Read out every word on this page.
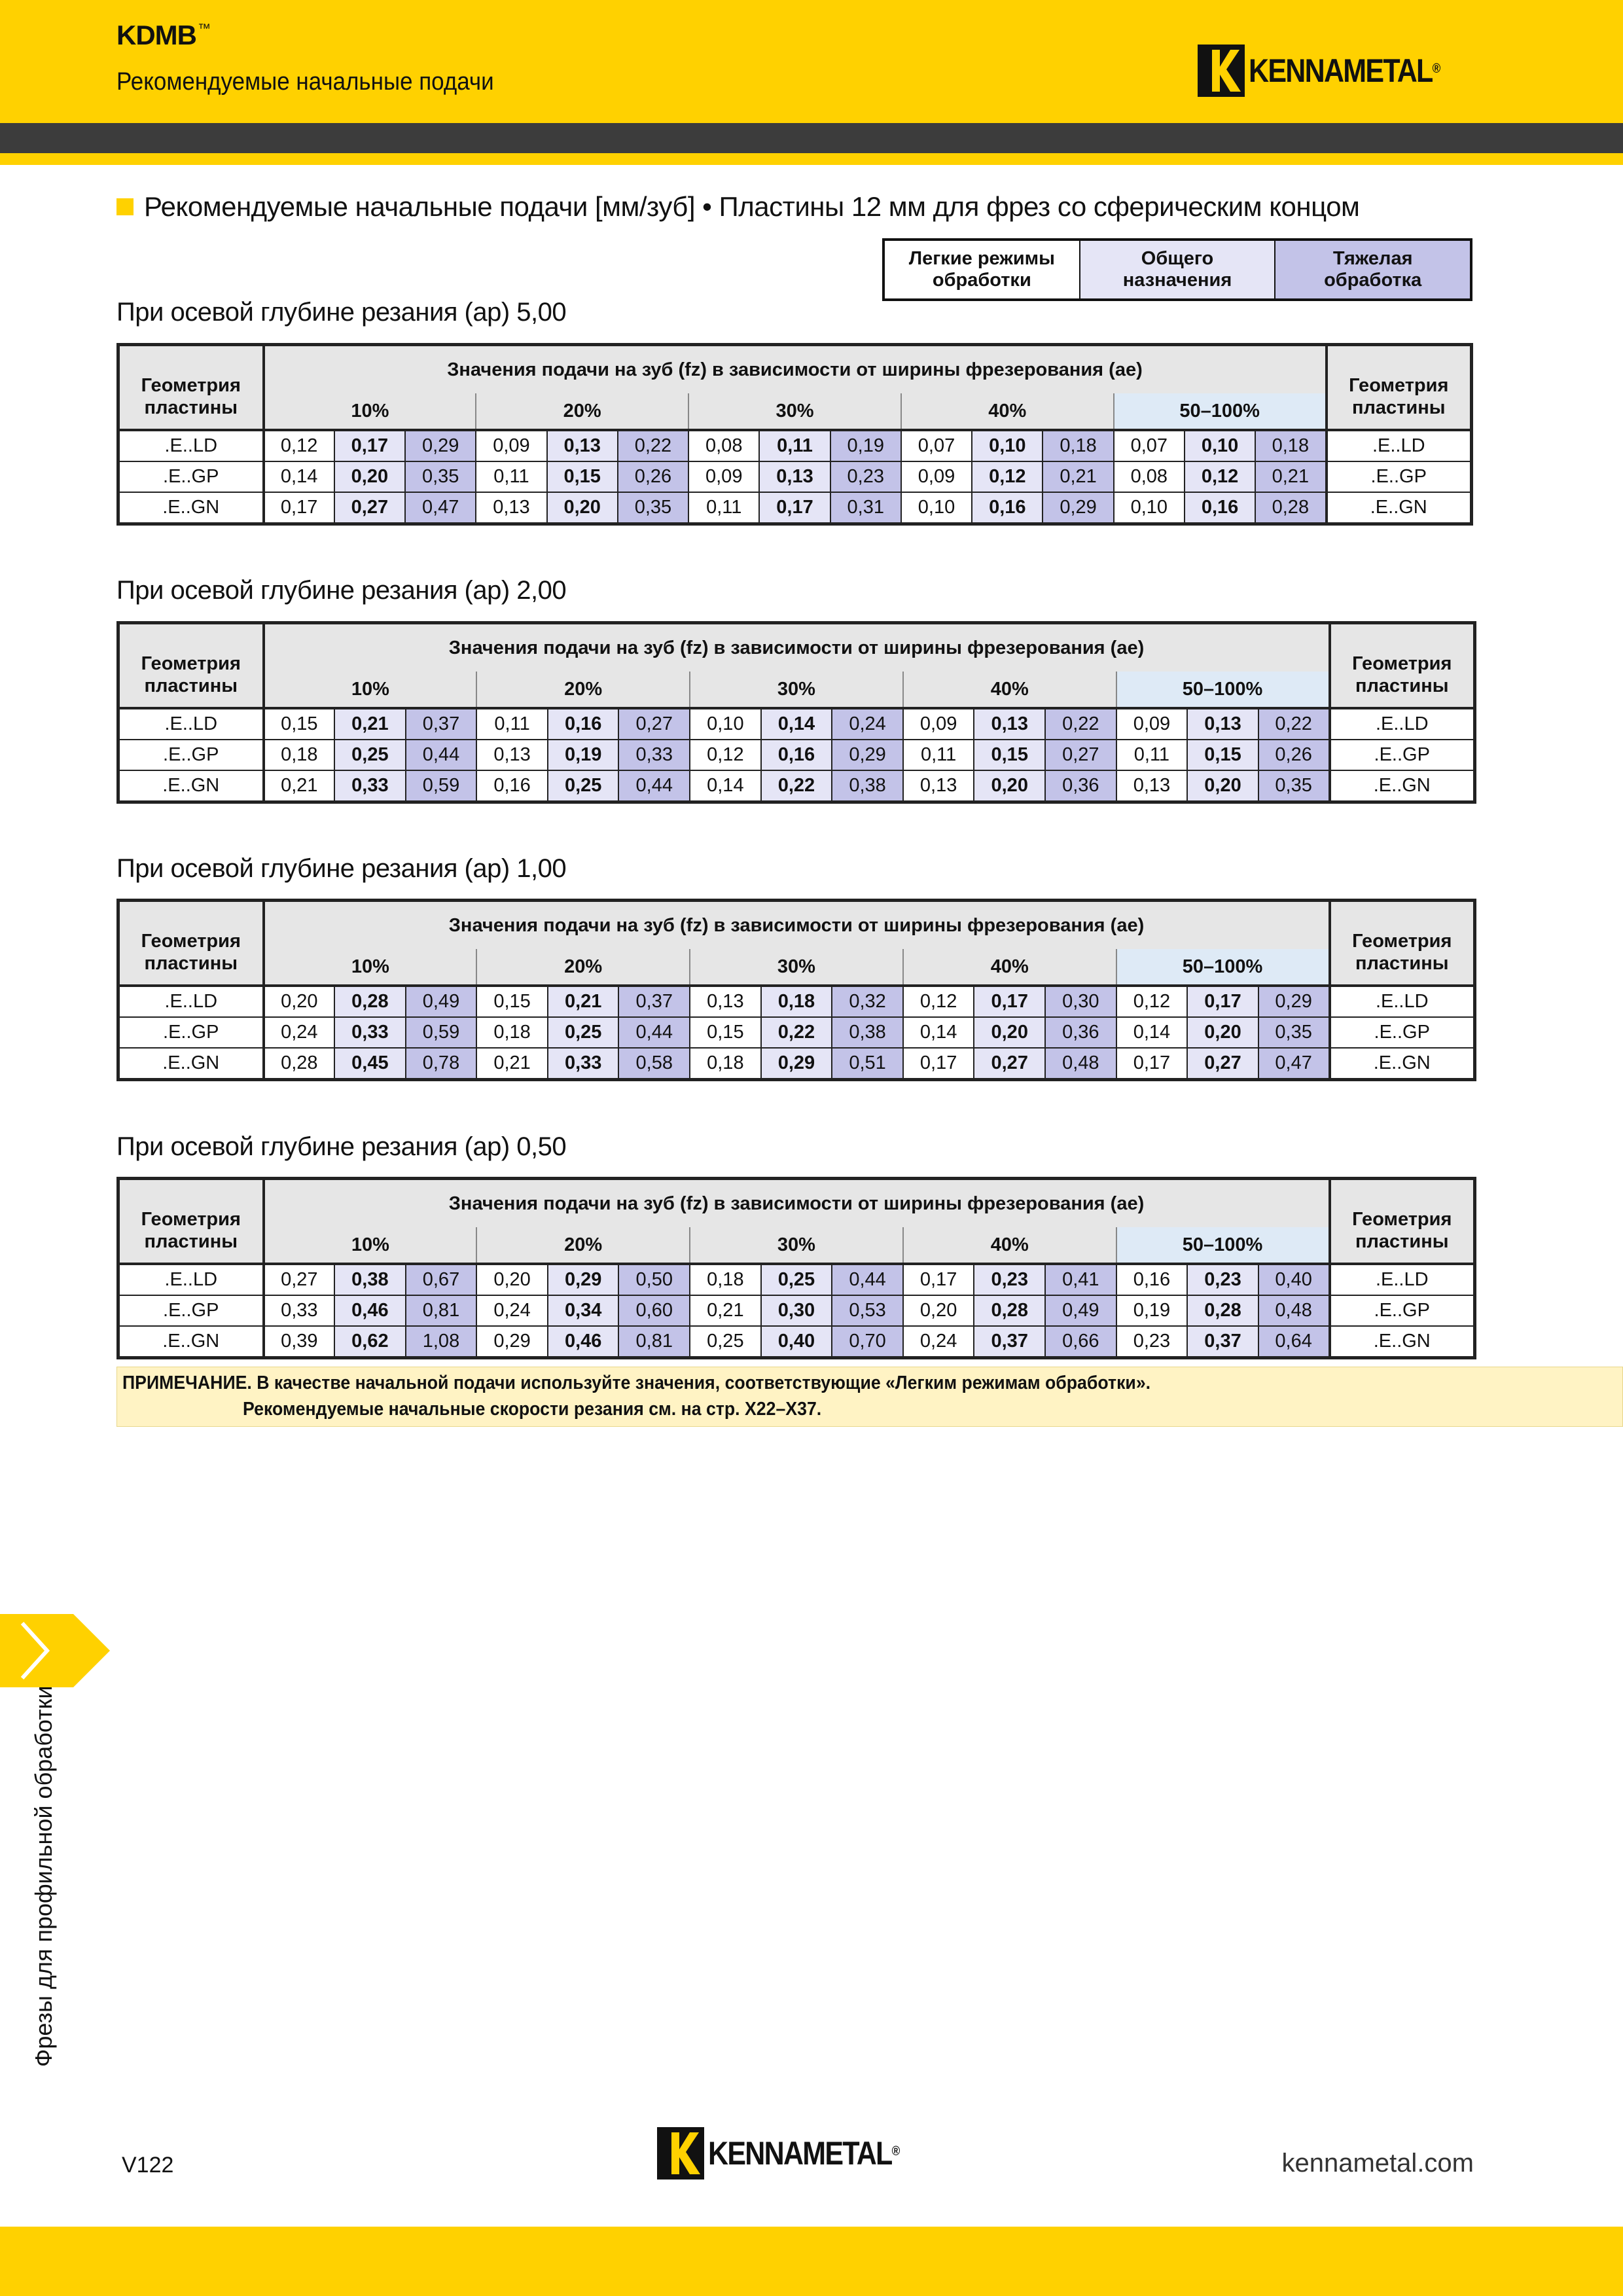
KDMB ™
Рекомендуемые начальные подачи	KENNAMETAL®
Рекомендуемые начальные подачи [мм/зуб] • Пластины 12 мм для фрез со сферическим концом
Легкие режимы
обработки
Общего
назначения
Тяжелая
обработка
При осевой глубине резания (ap) 5,00
Геометрия
пластины	Значения подачи на зуб (fz) в зависимости от ширины фрезерования (ae)															Геометрия
пластины
	10%			20%			30%			40%			50–100%			
.E..LD	0,12	0,17	0,29	0,09	0,13	0,22	0,08	0,11	0,19	0,07	0,10	0,18	0,07	0,10	0,18	.E..LD
.E..GP	0,14	0,20	0,35	0,11	0,15	0,26	0,09	0,13	0,23	0,09	0,12	0,21	0,08	0,12	0,21	.E..GP
.E..GN	0,17	0,27	0,47	0,13	0,20	0,35	0,11	0,17	0,31	0,10	0,16	0,29	0,10	0,16	0,28	.E..GN
При осевой глубине резания (ap) 2,00
Геометрия
пластины	Значения подачи на зуб (fz) в зависимости от ширины фрезерования (ae)															Геометрия
пластины
	10%			20%			30%			40%			50–100%			
.E..LD	0,15	0,21	0,37	0,11	0,16	0,27	0,10	0,14	0,24	0,09	0,13	0,22	0,09	0,13	0,22	.E..LD
.E..GP	0,18	0,25	0,44	0,13	0,19	0,33	0,12	0,16	0,29	0,11	0,15	0,27	0,11	0,15	0,26	.E..GP
.E..GN	0,21	0,33	0,59	0,16	0,25	0,44	0,14	0,22	0,38	0,13	0,20	0,36	0,13	0,20	0,35	.E..GN
При осевой глубине резания (ap) 1,00
Геометрия
пластины	Значения подачи на зуб (fz) в зависимости от ширины фрезерования (ae)															Геометрия
пластины
	10%			20%			30%			40%			50–100%			
.E..LD	0,20	0,28	0,49	0,15	0,21	0,37	0,13	0,18	0,32	0,12	0,17	0,30	0,12	0,17	0,29	.E..LD
.E..GP	0,24	0,33	0,59	0,18	0,25	0,44	0,15	0,22	0,38	0,14	0,20	0,36	0,14	0,20	0,35	.E..GP
.E..GN	0,28	0,45	0,78	0,21	0,33	0,58	0,18	0,29	0,51	0,17	0,27	0,48	0,17	0,27	0,47	.E..GN
При осевой глубине резания (ap) 0,50
Геометрия
пластины	Значения подачи на зуб (fz) в зависимости от ширины фрезерования (ae)															Геометрия
пластины
	10%			20%			30%			40%			50–100%			
.E..LD	0,27	0,38	0,67	0,20	0,29	0,50	0,18	0,25	0,44	0,17	0,23	0,41	0,16	0,23	0,40	.E..LD
.E..GP	0,33	0,46	0,81	0,24	0,34	0,60	0,21	0,30	0,53	0,20	0,28	0,49	0,19	0,28	0,48	.E..GP
.E..GN	0,39	0,62	1,08	0,29	0,46	0,81	0,25	0,40	0,70	0,24	0,37	0,66	0,23	0,37	0,64	.E..GN
ПРИМЕЧАНИЕ. В качестве начальной подачи используйте значения, соответствующие «Легким режимам обработки».
Рекомендуемые начальные скорости резания см. на стр. X22–X37.
Фрезы для профильной обработки
V122	KENNAMETAL®	kennametal.com
